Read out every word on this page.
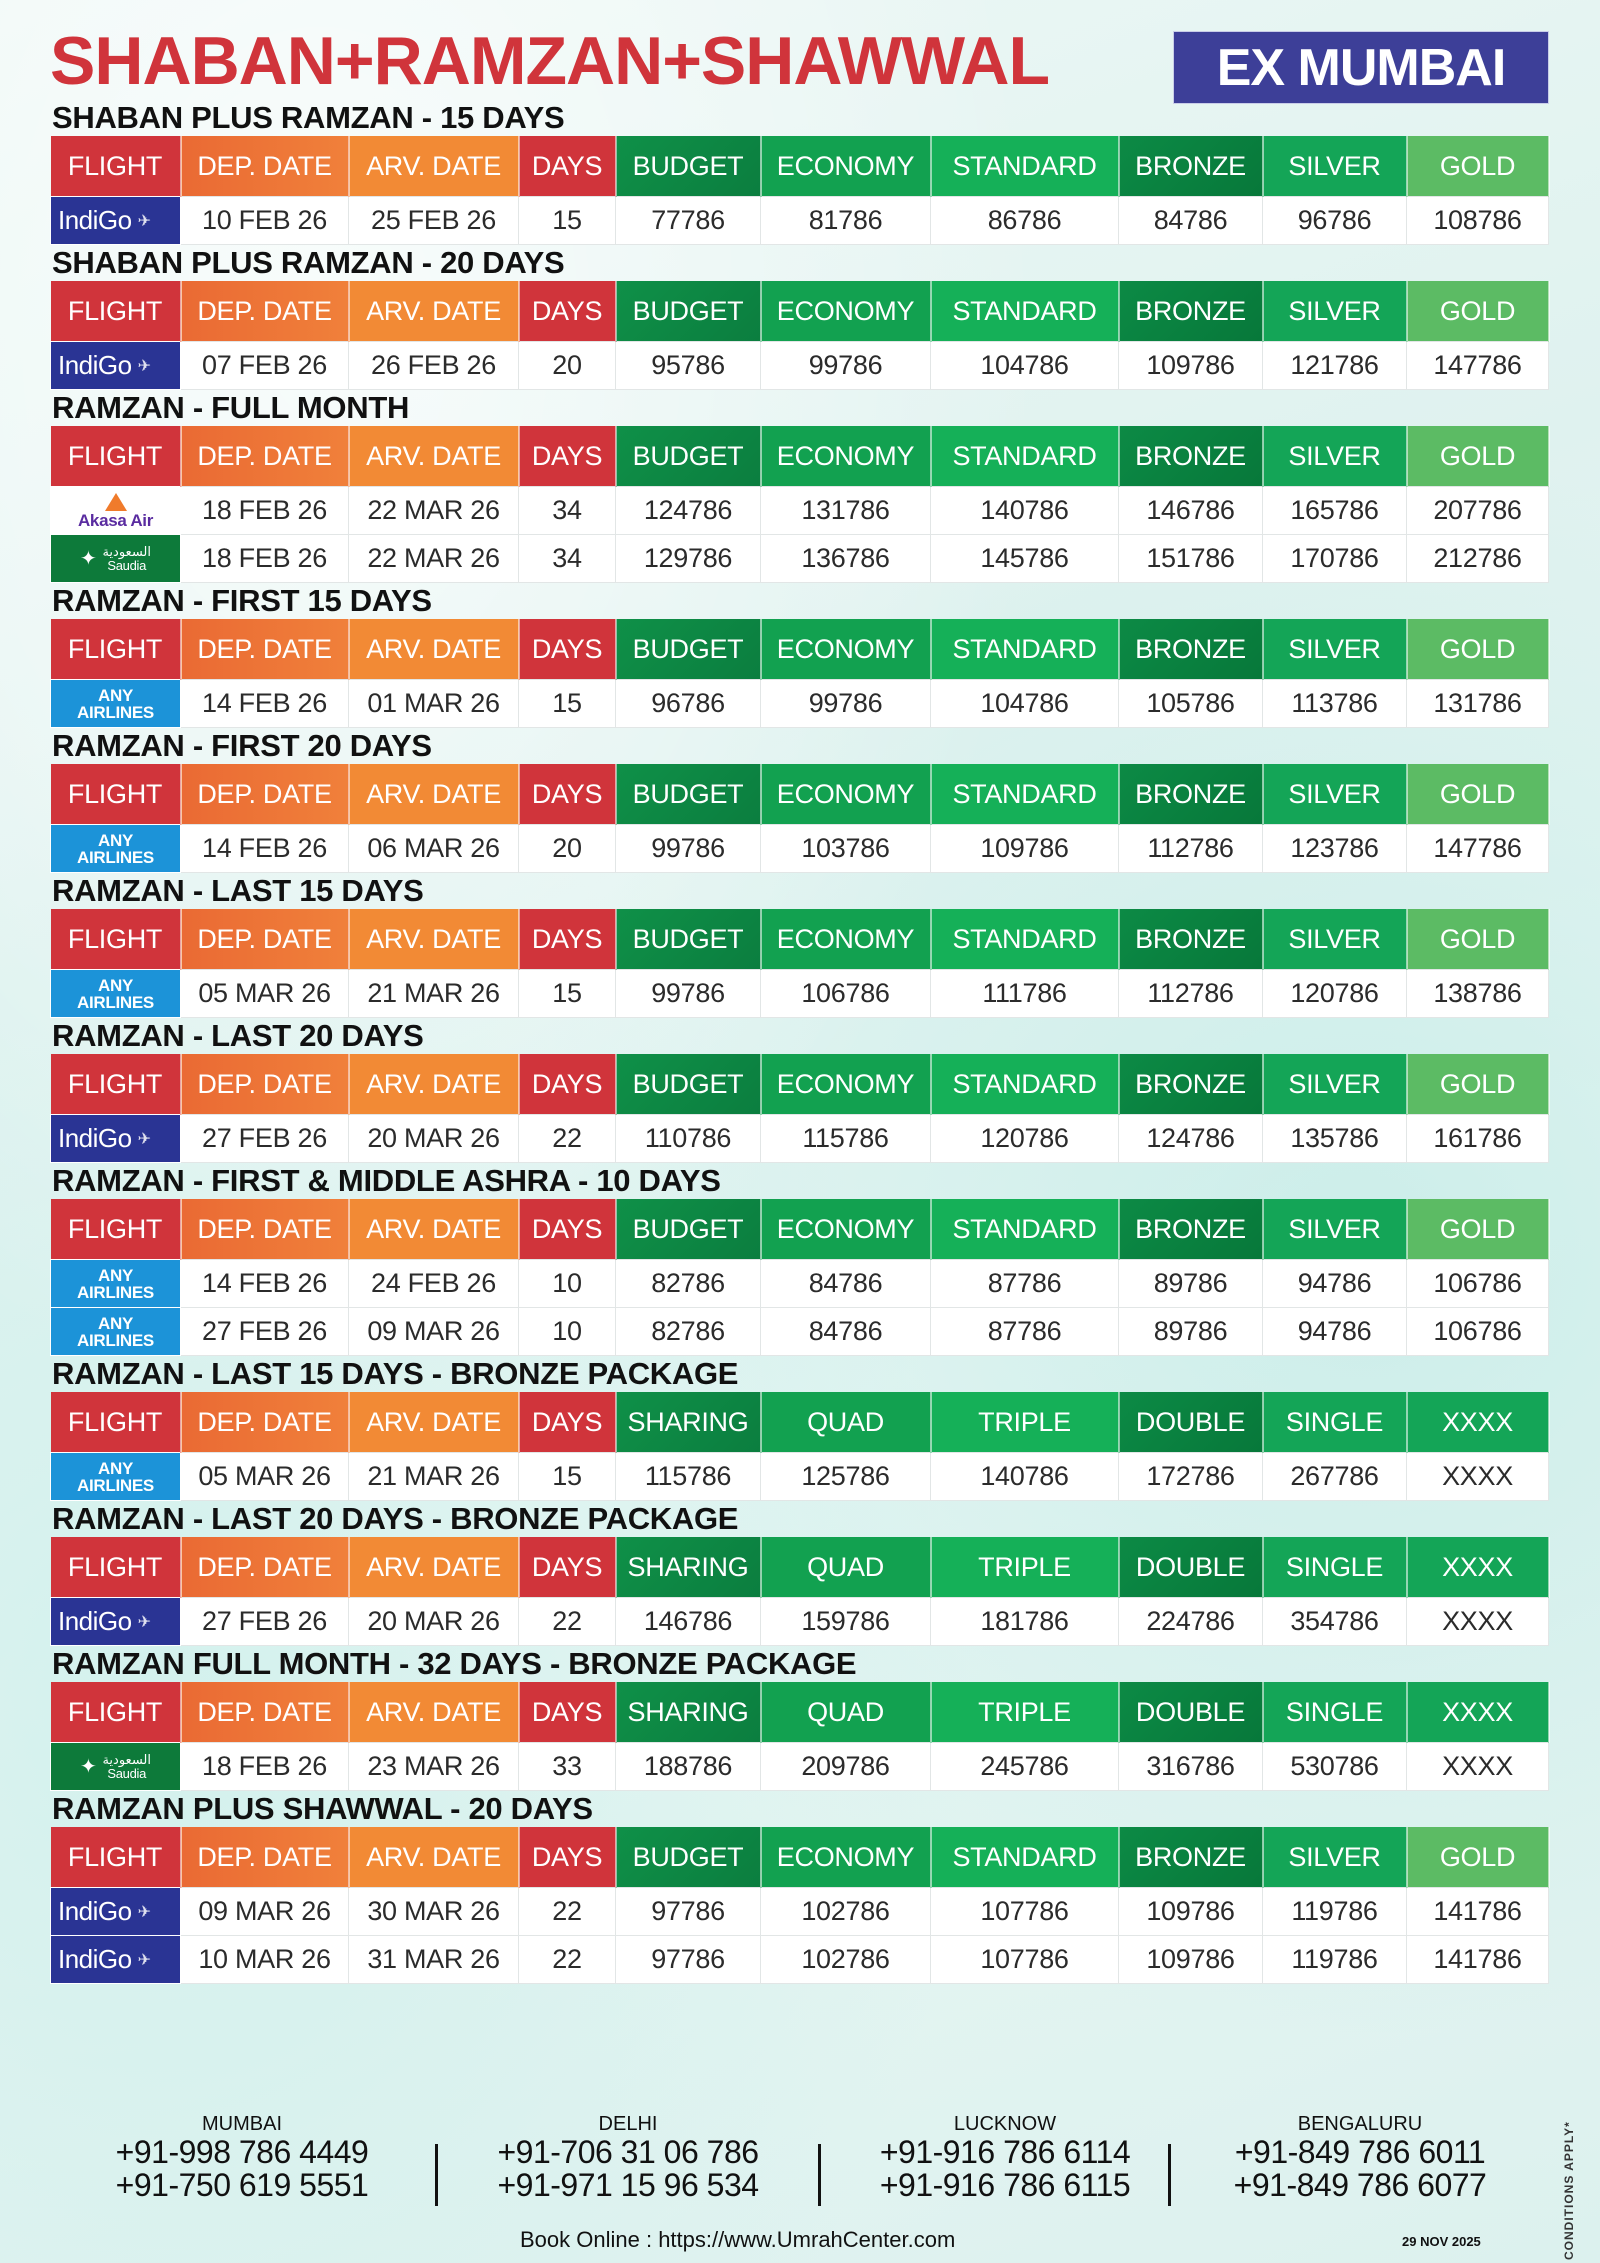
SHABAN+RAMZAN+SHAWWAL	EX MUMBAI
SHABAN PLUS RAMZAN - 15 DAYS
FLIGHT	DEP. DATE	ARV. DATE	DAYS	BUDGET	ECONOMY	STANDARD	BRONZE	SILVER	GOLD

IndiGo ✈	10 FEB 26	25 FEB 26	15	77786	81786	86786	84786	96786	108786
SHABAN PLUS RAMZAN - 20 DAYS
FLIGHT	DEP. DATE	ARV. DATE	DAYS	BUDGET	ECONOMY	STANDARD	BRONZE	SILVER	GOLD

IndiGo ✈	07 FEB 26	26 FEB 26	20	95786	99786	104786	109786	121786	147786
RAMZAN - FULL MONTH
FLIGHT	DEP. DATE	ARV. DATE	DAYS	BUDGET	ECONOMY	STANDARD	BRONZE	SILVER	GOLD

Akasa Air	18 FEB 26	22 MAR 26	34	124786	131786	140786	146786	165786	207786

✦ السعودية
Saudia	18 FEB 26	22 MAR 26	34	129786	136786	145786	151786	170786	212786
RAMZAN - FIRST 15 DAYS
FLIGHT	DEP. DATE	ARV. DATE	DAYS	BUDGET	ECONOMY	STANDARD	BRONZE	SILVER	GOLD

ANY
AIRLINES	14 FEB 26	01 MAR 26	15	96786	99786	104786	105786	113786	131786
RAMZAN - FIRST 20 DAYS
FLIGHT	DEP. DATE	ARV. DATE	DAYS	BUDGET	ECONOMY	STANDARD	BRONZE	SILVER	GOLD

ANY
AIRLINES	14 FEB 26	06 MAR 26	20	99786	103786	109786	112786	123786	147786
RAMZAN - LAST 15 DAYS
FLIGHT	DEP. DATE	ARV. DATE	DAYS	BUDGET	ECONOMY	STANDARD	BRONZE	SILVER	GOLD

ANY
AIRLINES	05 MAR 26	21 MAR 26	15	99786	106786	111786	112786	120786	138786
RAMZAN - LAST 20 DAYS
FLIGHT	DEP. DATE	ARV. DATE	DAYS	BUDGET	ECONOMY	STANDARD	BRONZE	SILVER	GOLD

IndiGo ✈	27 FEB 26	20 MAR 26	22	110786	115786	120786	124786	135786	161786
RAMZAN - FIRST & MIDDLE ASHRA - 10 DAYS
FLIGHT	DEP. DATE	ARV. DATE	DAYS	BUDGET	ECONOMY	STANDARD	BRONZE	SILVER	GOLD

ANY
AIRLINES	14 FEB 26	24 FEB 26	10	82786	84786	87786	89786	94786	106786

ANY
AIRLINES	27 FEB 26	09 MAR 26	10	82786	84786	87786	89786	94786	106786
RAMZAN - LAST 15 DAYS - BRONZE PACKAGE
FLIGHT	DEP. DATE	ARV. DATE	DAYS	SHARING	QUAD	TRIPLE	DOUBLE	SINGLE	XXXX

ANY
AIRLINES	05 MAR 26	21 MAR 26	15	115786	125786	140786	172786	267786	XXXX
RAMZAN - LAST 20 DAYS - BRONZE PACKAGE
FLIGHT	DEP. DATE	ARV. DATE	DAYS	SHARING	QUAD	TRIPLE	DOUBLE	SINGLE	XXXX

IndiGo ✈	27 FEB 26	20 MAR 26	22	146786	159786	181786	224786	354786	XXXX
RAMZAN FULL MONTH - 32 DAYS - BRONZE PACKAGE
FLIGHT	DEP. DATE	ARV. DATE	DAYS	SHARING	QUAD	TRIPLE	DOUBLE	SINGLE	XXXX

✦ السعودية
Saudia	18 FEB 26	23 MAR 26	33	188786	209786	245786	316786	530786	XXXX
RAMZAN PLUS SHAWWAL - 20 DAYS
FLIGHT	DEP. DATE	ARV. DATE	DAYS	BUDGET	ECONOMY	STANDARD	BRONZE	SILVER	GOLD

IndiGo ✈	09 MAR 26	30 MAR 26	22	97786	102786	107786	109786	119786	141786

IndiGo ✈	10 MAR 26	31 MAR 26	22	97786	102786	107786	109786	119786	141786
MUMBAI
+91-998 786 4449
+91-750 619 5551
DELHI
+91-706 31 06 786
+91-971 15 96 534
LUCKNOW
+91-916 786 6114
+91-916 786 6115
BENGALURU
+91-849 786 6011
+91-849 786 6077
Book Online : https://www.UmrahCenter.com	29 NOV 2025	CONDITIONS APPLY*
